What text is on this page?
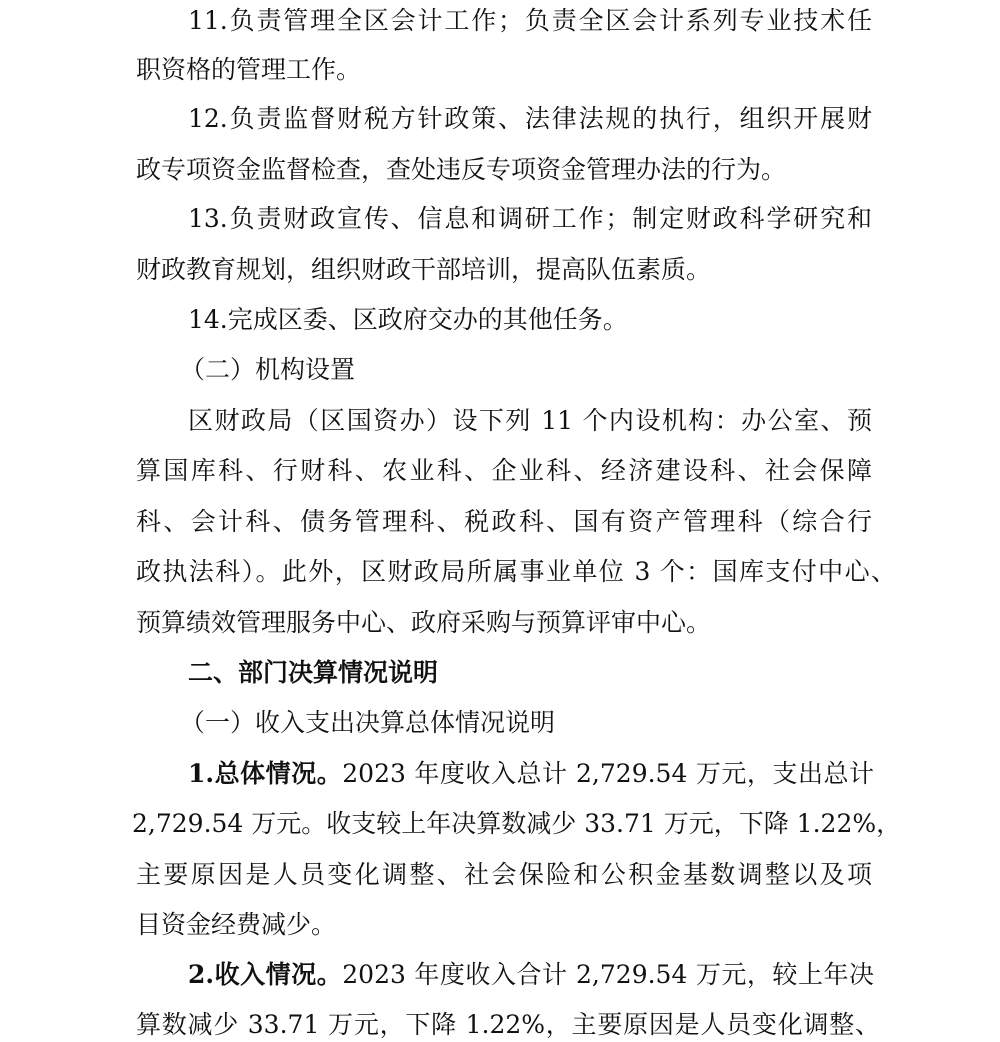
11.负责管理全区会计工作；负责全区会计系列专业技术任
职资格的管理工作。
12.负责监督财税方针政策、法律法规的执行，组织开展财
政专项资金监督检查，查处违反专项资金管理办法的行为。
13.负责财政宣传、信息和调研工作；制定财政科学研究和
财政教育规划，组织财政干部培训，提高队伍素质。
14.完成区委、区政府交办的其他任务。
（二）机构设置
区财政局（区国资办）设下列 11 个内设机构：办公室、预
算国库科、行财科、农业科、企业科、经济建设科、社会保障
科、会计科、债务管理科、税政科、国有资产管理科（综合行
政执法科）。此外，区财政局所属事业单位 3 个：国库支付中心、
预算绩效管理服务中心、政府采购与预算评审中心。
二、部门决算情况说明
（一）收入支出决算总体情况说明
1.总体情况。2023 年度收入总计 2,729.54 万元，支出总计
2,729.54 万元。收支较上年决算数减少 33.71 万元，下降 1.22%，
主要原因是人员变化调整、社会保险和公积金基数调整以及项
目资金经费减少。
2.收入情况。2023 年度收入合计 2,729.54 万元，较上年决
算数减少 33.71 万元，下降 1.22%，主要原因是人员变化调整、
